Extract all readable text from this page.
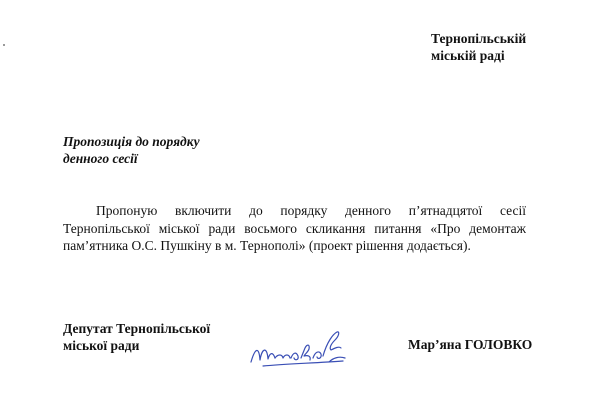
Тернопільській
міській раді
Пропозиція до порядку
денного сесії
Пропоную включити до порядку денного п’ятнадцятої сесії Тернопільської міської ради восьмого скликання питання «Про демонтаж пам’ятника О.С. Пушкіну в м. Тернополі» (проект рішення додається).
Депутат Тернопільської
міської ради	Мар’яна ГОЛОВКО
